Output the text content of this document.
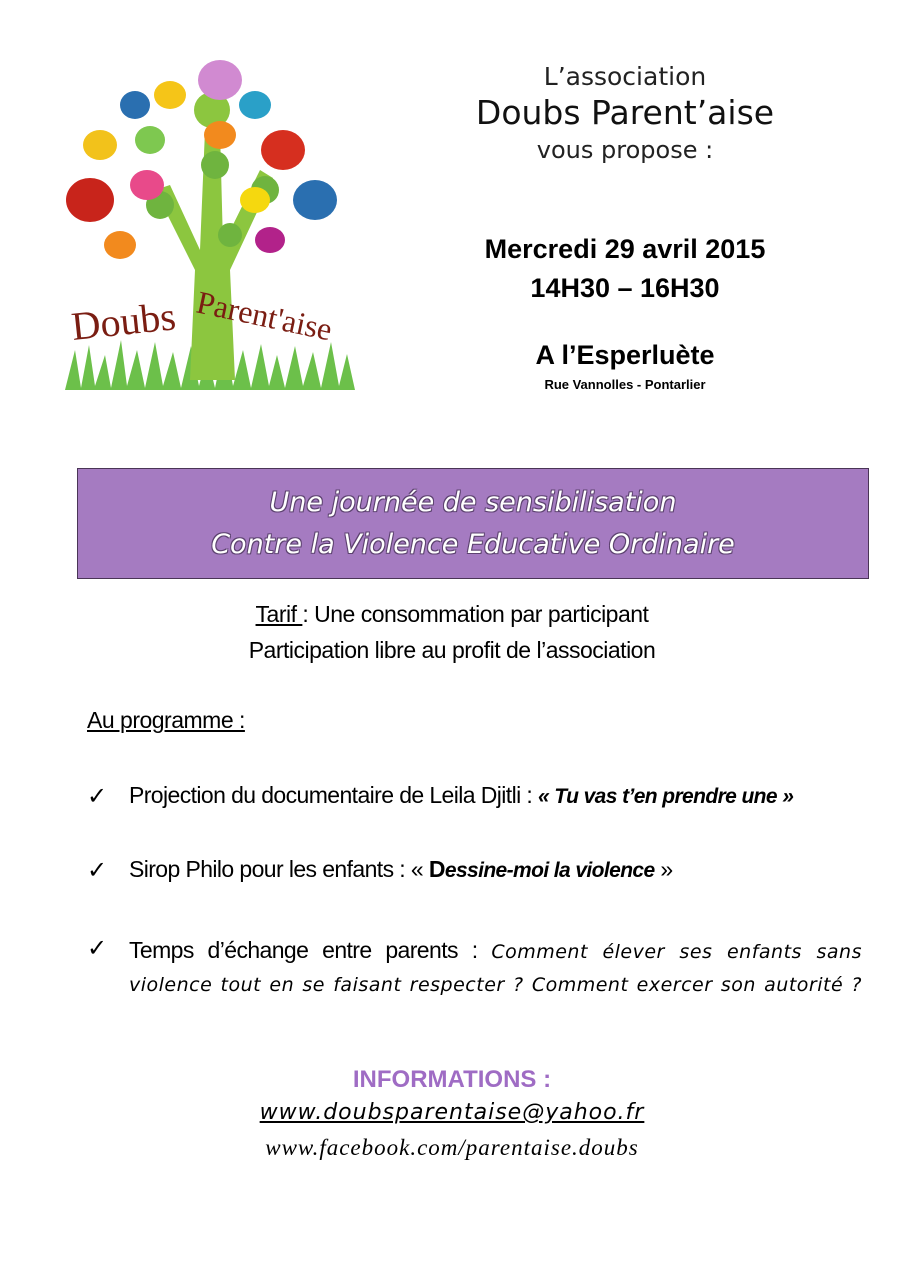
Doubs Parent'aise
L’association
Doubs Parent’aise
vous propose :
Mercredi 29 avril 2015
14H30 – 16H30
A l’Esperluète
Rue Vannolles - Pontarlier
Une journée de sensibilisation
Contre la Violence Educative Ordinaire
Tarif : Une consommation par participant
Participation libre au profit de l’association
Au programme :
✓ Projection du documentaire de Leila Djitli : « Tu vas t’en prendre une »
✓ Sirop Philo pour les enfants : « Dessine-moi la violence »
✓ Temps d’échange entre parents : Comment élever ses enfants sans
violence tout en se faisant respecter ? Comment exercer son autorité ?
INFORMATIONS :
www.doubsparentaise@yahoo.fr
www.facebook.com/parentaise.doubs
